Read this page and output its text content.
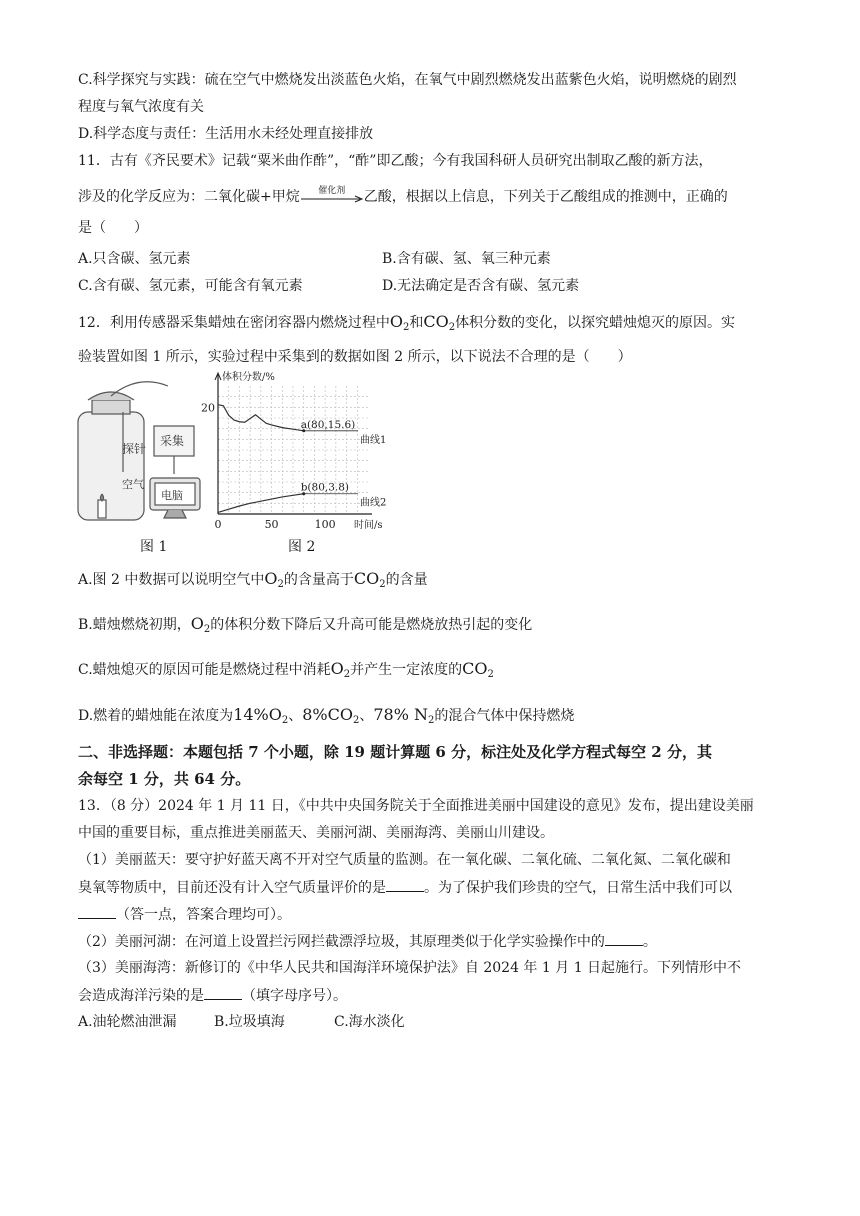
C.科学探究与实践：硫在空气中燃烧发出淡蓝色火焰，在氧气中剧烈燃烧发出蓝紫色火焰，说明燃烧的剧烈
程度与氧气浓度有关
D.科学态度与责任：生活用水未经处理直接排放
11．古有《齐民要术》记载“粟米曲作酢”，“酢”即乙酸；今有我国科研人员研究出制取乙酸的新方法，
涉及的化学反应为：二氧化碳+甲烷	催化剂	乙酸，根据以上信息，下列关于乙酸组成的推测中，正确的
是（　　）
A.只含碳、氢元素	B.含有碳、氢、氧三种元素
C.含有碳、氢元素，可能含有氧元素	D.无法确定是否含有碳、氢元素
12．利用传感器采集蜡烛在密闭容器内燃烧过程中$O_2$和$CO_2$体积分数的变化，以探究蜡烛熄灭的原因。实
验装置如图 1 所示，实验过程中采集到的数据如图 2 所示，以下说法不合理的是（　　）
探针
空气
采集
电脑
体积分数/%
时间/s
0	50	100
20
曲线1
曲线2
a(80,15.6)
b(80,3.8)
图 1	图 2
A.图 2 中数据可以说明空气中$O_2$的含量高于$CO_2$的含量
B.蜡烛燃烧初期，$O_2$的体积分数下降后又升高可能是燃烧放热引起的变化
C.蜡烛熄灭的原因可能是燃烧过程中消耗$O_2$并产生一定浓度的$CO_2$
D.燃着的蜡烛能在浓度为$14\%O_2$、$8\%CO_2$、78% $N_2$的混合气体中保持燃烧
二、非选择题：本题包括 7 个小题，除 19 题计算题 6 分，标注处及化学方程式每空 2 分，其
余每空 1 分，共 64 分。
13．（8 分）2024 年 1 月 11 日，《中共中央国务院关于全面推进美丽中国建设的意见》发布，提出建设美丽
中国的重要目标，重点推进美丽蓝天、美丽河湖、美丽海湾、美丽山川建设。
（1）美丽蓝天：要守护好蓝天离不开对空气质量的监测。在一氧化碳、二氧化硫、二氧化氮、二氧化碳和
臭氧等物质中，目前还没有计入空气质量评价的是	。为了保护我们珍贵的空气，日常生活中我们可以
（答一点，答案合理均可）。
（2）美丽河湖：在河道上设置拦污网拦截漂浮垃圾，其原理类似于化学实验操作中的	。
（3）美丽海湾：新修订的《中华人民共和国海洋环境保护法》自 2024 年 1 月 1 日起施行。下列情形中不
会造成海洋污染的是	（填字母序号）。
A.油轮燃油泄漏	B.垃圾填海	C.海水淡化
